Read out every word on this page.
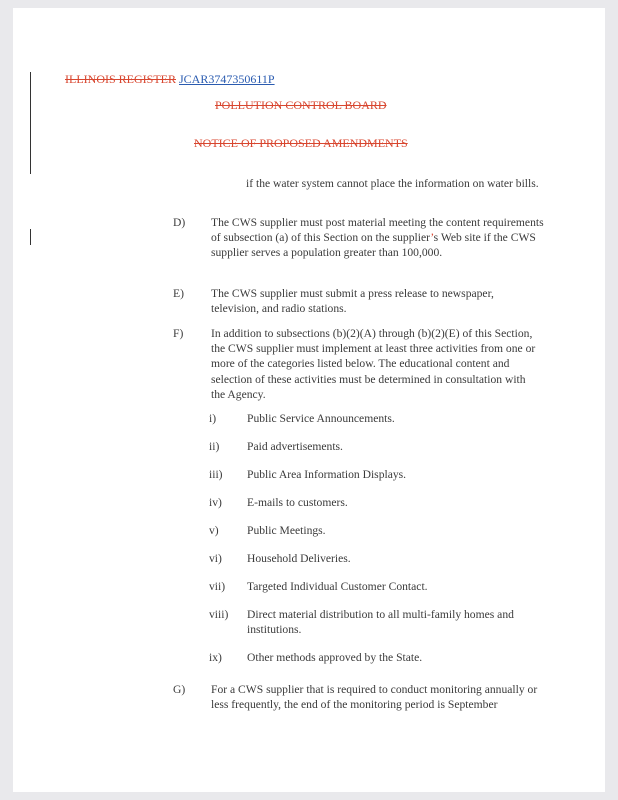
ILLINOIS REGISTER JCAR3747350611P
POLLUTION CONTROL BOARD
NOTICE OF PROPOSED AMENDMENTS
if the water system cannot place the information on water bills.
D) The CWS supplier must post material meeting the content requirements of subsection (a) of this Section on the supplier’s Web site if the CWS supplier serves a population greater than 100,000.
E) The CWS supplier must submit a press release to newspaper, television, and radio stations.
F) In addition to subsections (b)(2)(A) through (b)(2)(E) of this Section, the CWS supplier must implement at least three activities from one or more of the categories listed below. The educational content and selection of these activities must be determined in consultation with the Agency.
i)	Public Service Announcements.
ii) Paid advertisements.
iii) Public Area Information Displays.
iv) E-mails to customers.
v) Public Meetings.
vi) Household Deliveries.
vii) Targeted Individual Customer Contact.
viii) Direct material distribution to all multi-family homes and institutions.
ix) Other methods approved by the State.
G) For a CWS supplier that is required to conduct monitoring annually or less frequently, the end of the monitoring period is September
